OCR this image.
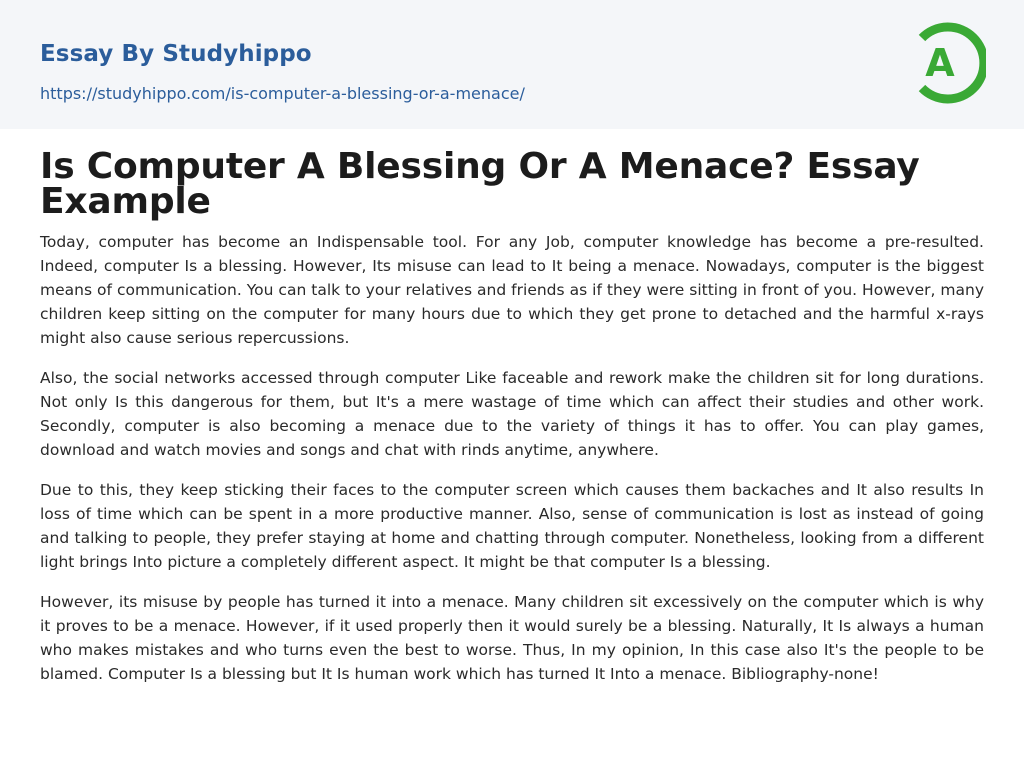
Essay By Studyhippo
https://studyhippo.com/is-computer-a-blessing-or-a-menace/
A
Is Computer A Blessing Or A Menace? Essay Example

Today, computer has become an Indispensable tool. For any Job, computer knowledge has become a pre-resulted. Indeed, computer Is a blessing. However, Its misuse can lead to It being a menace. Nowadays, computer is the biggest means of communication. You can talk to your relatives and friends as if they were sitting in front of you. However, many children keep sitting on the computer for many hours due to which they get prone to detached and the harmful x-rays might also cause serious repercussions.

Also, the social networks accessed through computer Like faceable and rework make the children sit for long durations. Not only Is this dangerous for them, but It's a mere wastage of time which can affect their studies and other work. Secondly, computer is also becoming a menace due to the variety of things it has to offer. You can play games, download and watch movies and songs and chat with rinds anytime, anywhere.

Due to this, they keep sticking their faces to the computer screen which causes them backaches and It also results In loss of time which can be spent in a more productive manner. Also, sense of communication is lost as instead of going and talking to people, they prefer staying at home and chatting through computer. Nonetheless, looking from a different light brings Into picture a completely different aspect. It might be that computer Is a blessing.

However, its misuse by people has turned it into a menace. Many children sit excessively on the computer which is why it proves to be a menace. However, if it used properly then it would surely be a blessing. Naturally, It Is always a human who makes mistakes and who turns even the best to worse. Thus, In my opinion, In this case also It's the people to be blamed. Computer Is a blessing but It Is human work which has turned It Into a menace. Bibliography-none!
